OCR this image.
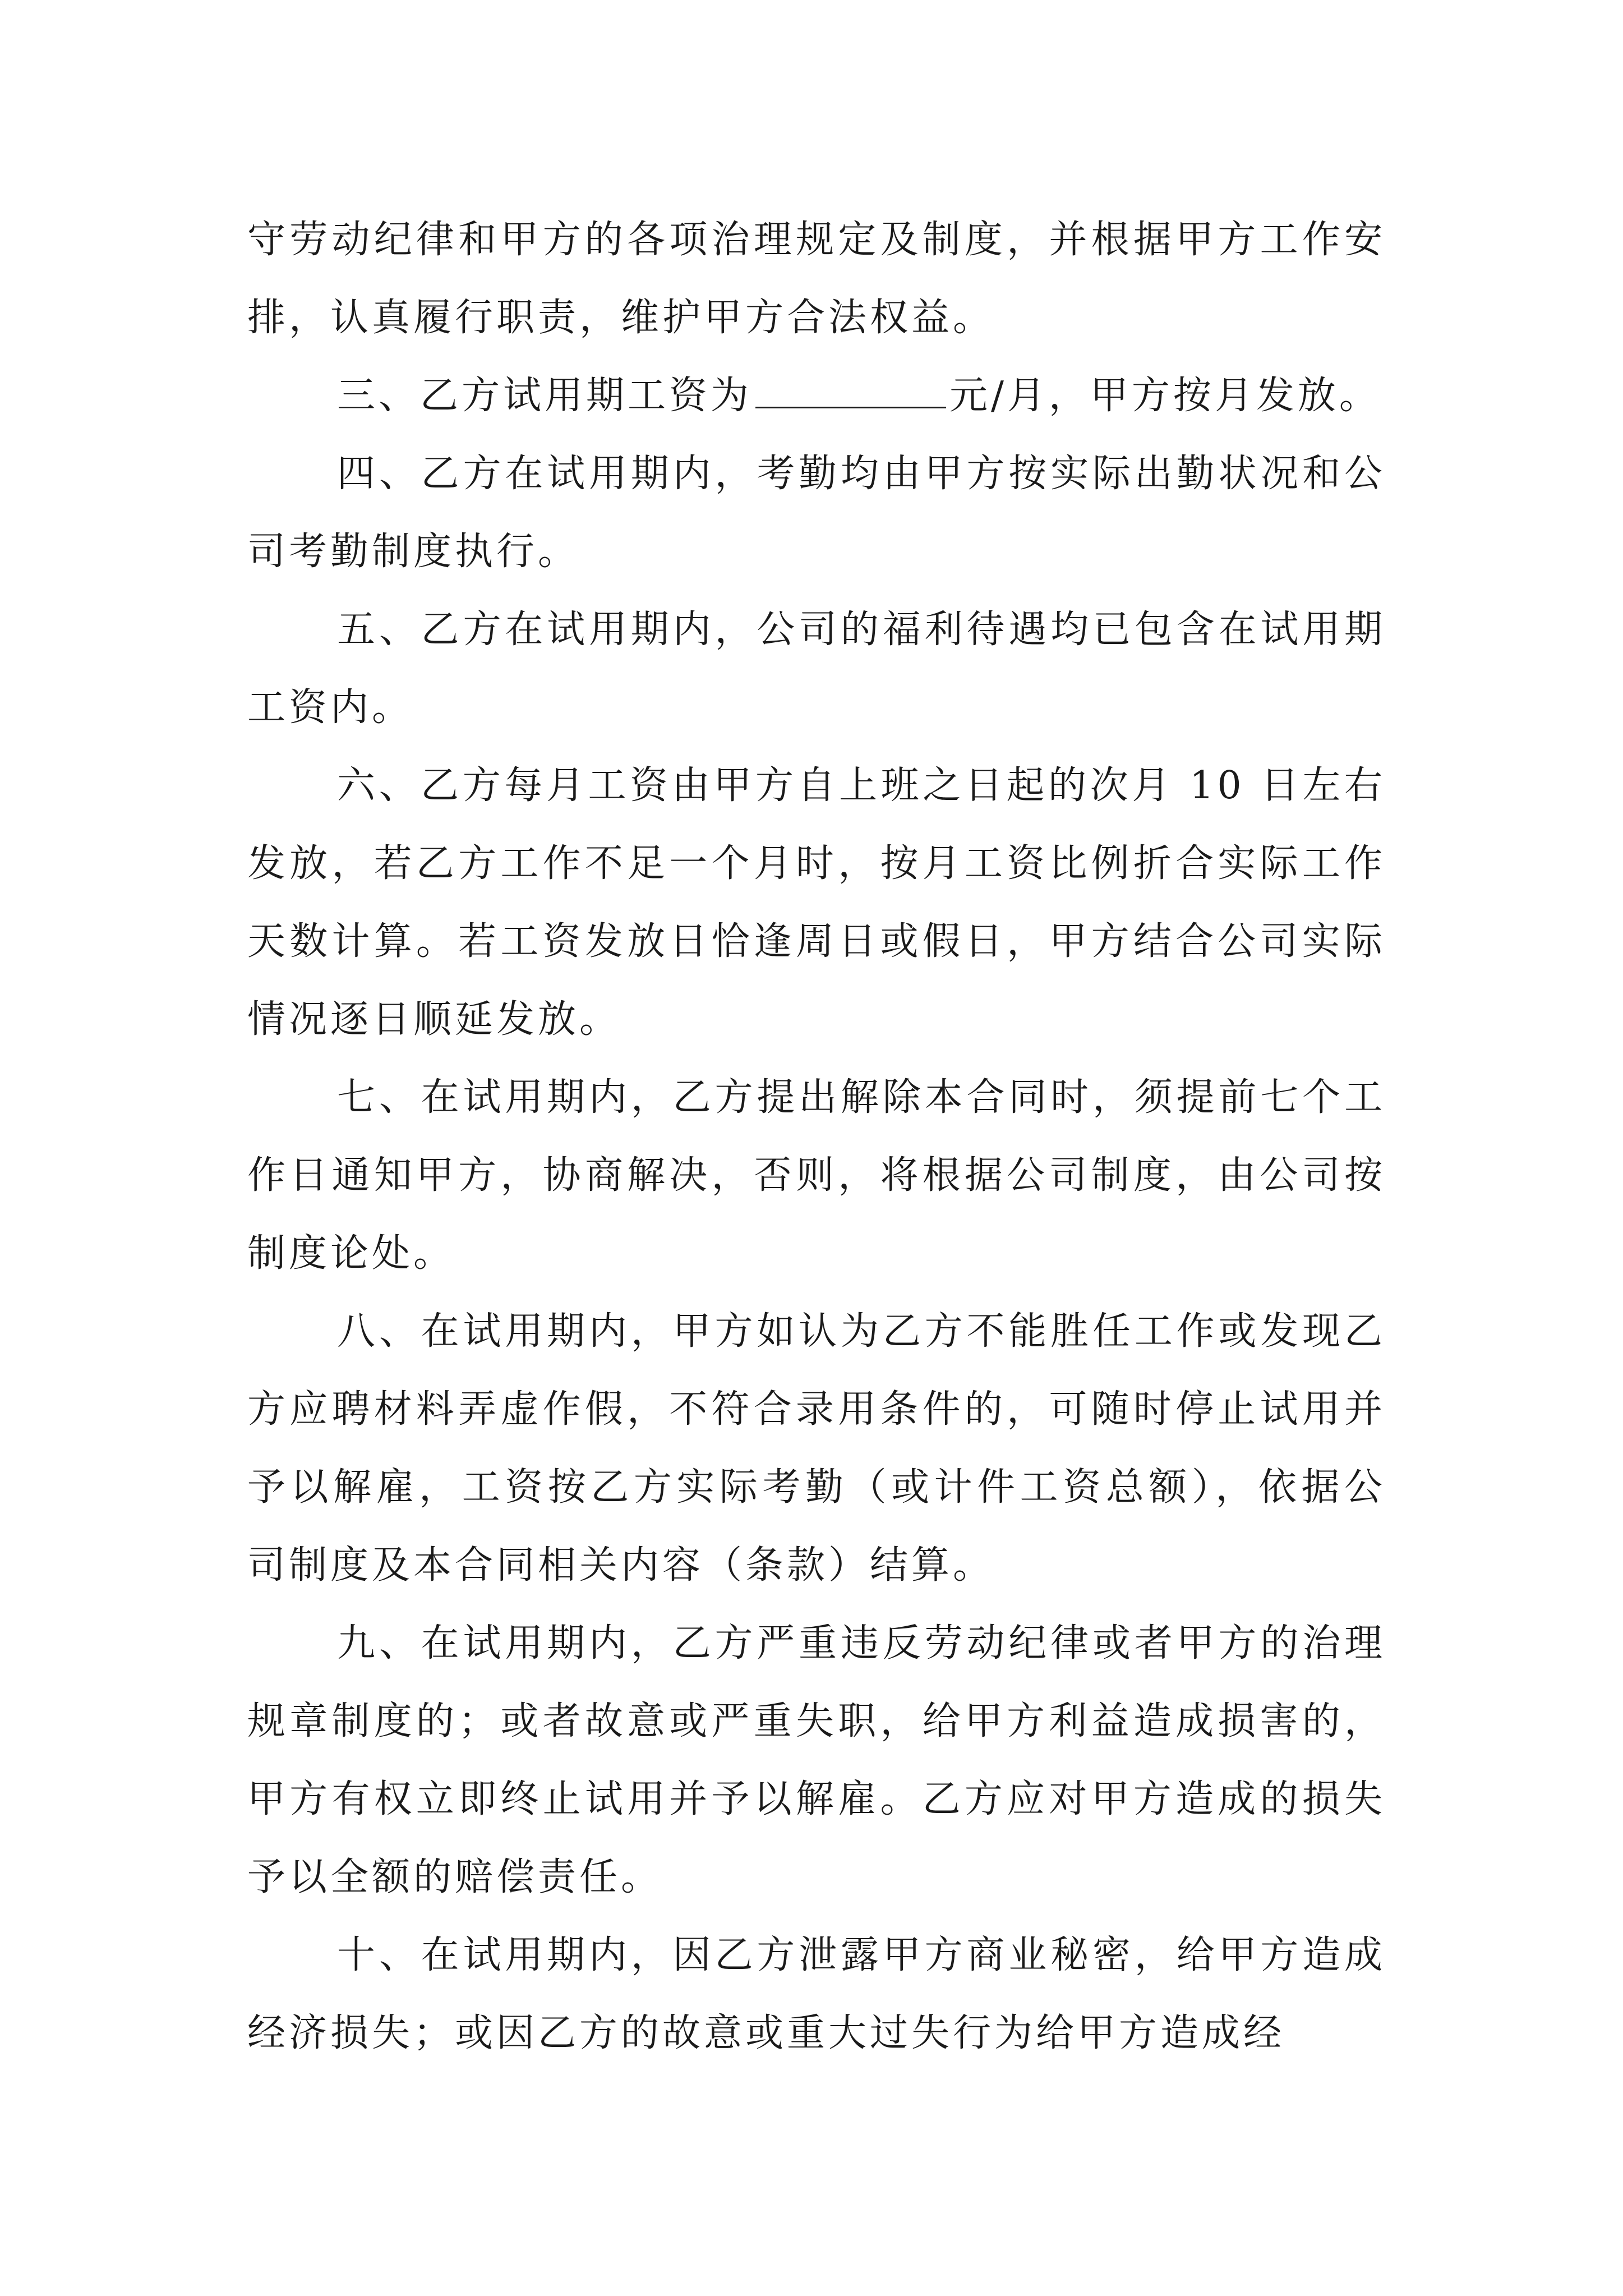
守劳动纪律和甲方的各项治理规定及制度，并根据甲方工作安排，认真履行职责，维护甲方合法权益。

三、乙方试用期工资为	元/月，甲方按月发放。

四、乙方在试用期内，考勤均由甲方按实际出勤状况和公司考勤制度执行。

五、乙方在试用期内，公司的福利待遇均已包含在试用期工资内。

六、乙方每月工资由甲方自上班之日起的次月 10 日左右发放，若乙方工作不足一个月时，按月工资比例折合实际工作天数计算。若工资发放日恰逢周日或假日，甲方结合公司实际情况逐日顺延发放。

七、在试用期内，乙方提出解除本合同时，须提前七个工作日通知甲方，协商解决，否则，将根据公司制度，由公司按制度论处。

八、在试用期内，甲方如认为乙方不能胜任工作或发现乙方应聘材料弄虚作假，不符合录用条件的，可随时停止试用并予以解雇，工资按乙方实际考勤（或计件工资总额），依据公司制度及本合同相关内容（条款）结算。

九、在试用期内，乙方严重违反劳动纪律或者甲方的治理规章制度的；或者故意或严重失职，给甲方利益造成损害的，甲方有权立即终止试用并予以解雇。乙方应对甲方造成的损失予以全额的赔偿责任。

十、在试用期内，因乙方泄露甲方商业秘密，给甲方造成经济损失；或因乙方的故意或重大过失行为给甲方造成经
